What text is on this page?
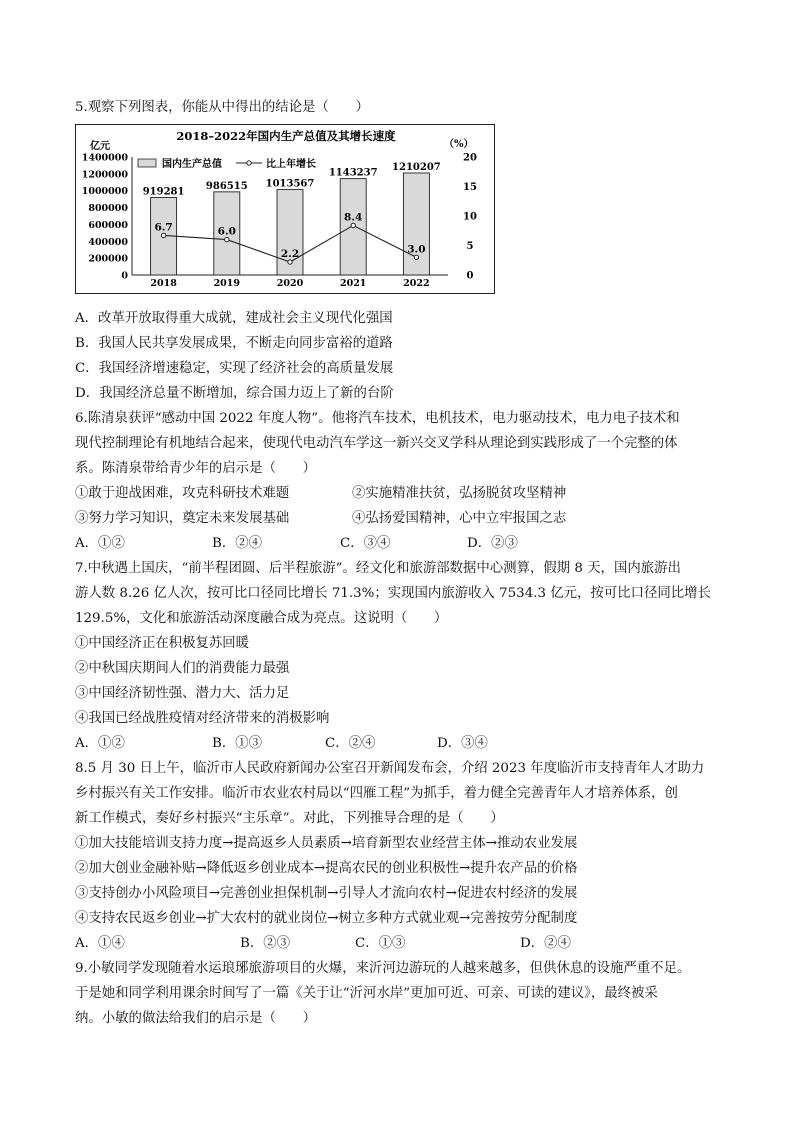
5.观察下列图表，你能从中得出的结论是（　　）
2018–2022年国内生产总值及其增长速度
亿元	（%）
国内生产总值	比上年增长
1400000
1200000
1000000
800000
600000
400000
200000
0
20
15
10
5
0
919281
2018
986515
2019
1013567
2020
1143237
2021
1210207
2022
6.7	6.0
2.2
8.4
3.0
A．改革开放取得重大成就，建成社会主义现代化强国
B．我国人民共享发展成果，不断走向同步富裕的道路
C．我国经济增速稳定，实现了经济社会的高质量发展
D．我国经济总量不断增加，综合国力迈上了新的台阶
6.陈清泉获评“感动中国 2022 年度人物”。他将汽车技术，电机技术，电力驱动技术，电力电子技术和
现代控制理论有机地结合起来，使现代电动汽车学这一新兴交叉学科从理论到实践形成了一个完整的体
系。陈清泉带给青少年的启示是（　　）
①敢于迎战困难，攻克科研技术难题	②实施精准扶贫，弘扬脱贫攻坚精神
③努力学习知识，奠定未来发展基础	④弘扬爱国精神，心中立牢报国之志
A．①②	B．②④	C．③④	D．②③
7.中秋遇上国庆，“前半程团圆、后半程旅游”。经文化和旅游部数据中心测算，假期 8 天，国内旅游出
游人数 8.26 亿人次，按可比口径同比增长 71.3%；实现国内旅游收入 7534.3 亿元，按可比口径同比增长
129.5%，文化和旅游活动深度融合成为亮点。这说明（　　）
①中国经济正在积极复苏回暖
②中秋国庆期间人们的消费能力最强
③中国经济韧性强、潜力大、活力足
④我国已经战胜疫情对经济带来的消极影响
A．①②	B．①③	C．②④	D．③④
8.5 月 30 日上午，临沂市人民政府新闻办公室召开新闻发布会，介绍 2023 年度临沂市支持青年人才助力
乡村振兴有关工作安排。临沂市农业农村局以“四雁工程”为抓手，着力健全完善青年人才培养体系，创
新工作模式，奏好乡村振兴“主乐章”。对此，下列推导合理的是（　　）
①加大技能培训支持力度→提高返乡人员素质→培育新型农业经营主体→推动农业发展
②加大创业金融补贴→降低返乡创业成本→提高农民的创业积极性→提升农产品的价格
③支持创办小风险项目→完善创业担保机制→引导人才流向农村→促进农村经济的发展
④支持农民返乡创业→扩大农村的就业岗位→树立多种方式就业观→完善按劳分配制度
A．①④	B．②③	C．①③	D．②④
9.小敏同学发现随着水运琅琊旅游项目的火爆，来沂河边游玩的人越来越多，但供休息的设施严重不足。
于是她和同学利用课余时间写了一篇《关于让“沂河水岸”更加可近、可亲、可读的建议》，最终被采
纳。小敏的做法给我们的启示是（　　）
